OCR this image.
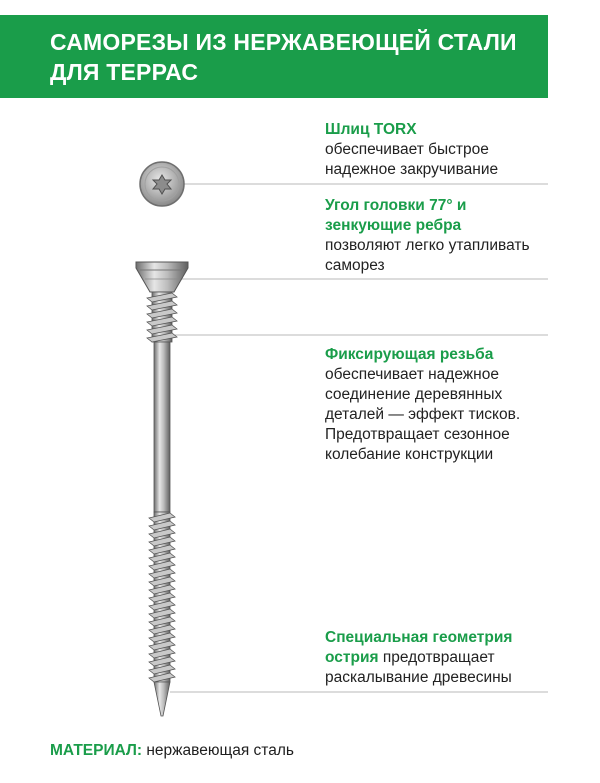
САМОРЕЗЫ ИЗ НЕРЖАВЕЮЩЕЙ СТАЛИ
ДЛЯ ТЕРРАС
Шлиц TORX
обеспечивает быстрое
надежное закручивание
Угол головки 77° и
зенкующие ребра
позволяют легко утапливать
саморез
Фиксирующая резьба
обеспечивает надежное
соединение деревянных
деталей — эффект тисков.
Предотвращает сезонное
колебание конструкции
Специальная геометрия
острия предотвращает
раскалывание древесины
МАТЕРИАЛ: нержавеющая сталь
